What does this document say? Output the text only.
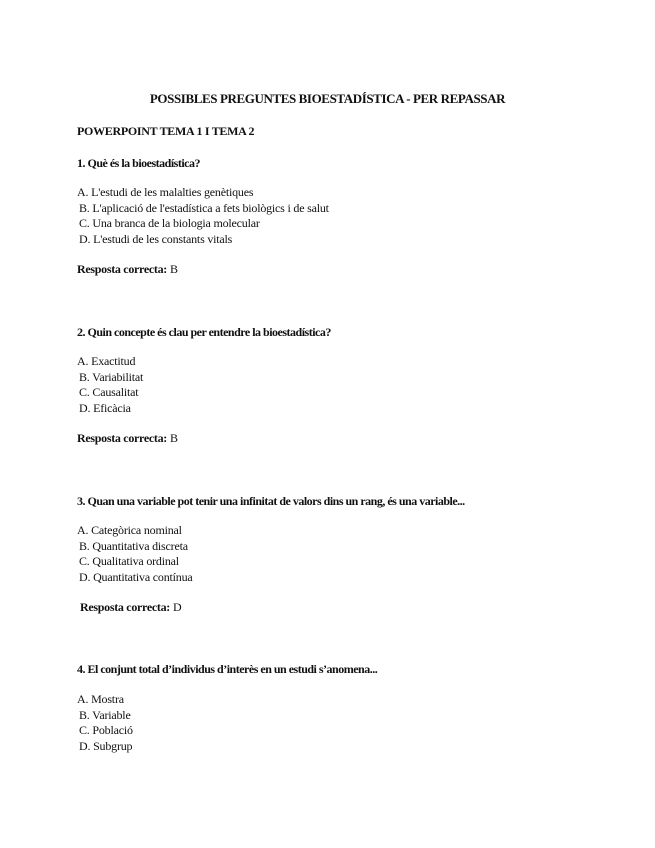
POSSIBLES PREGUNTES BIOESTADÍSTICA - PER REPASSAR
POWERPOINT TEMA 1 I TEMA 2
1. Què és la bioestadística?
A. L'estudi de les malalties genètiques
B. L'aplicació de l'estadística a fets biològics i de salut
C. Una branca de la biologia molecular
D. L'estudi de les constants vitals
Resposta correcta: B
2. Quin concepte és clau per entendre la bioestadística?
A. Exactitud
B. Variabilitat
C. Causalitat
D. Eficàcia
Resposta correcta: B
3. Quan una variable pot tenir una infinitat de valors dins un rang, és una variable...
A. Categòrica nominal
B. Quantitativa discreta
C. Qualitativa ordinal
D. Quantitativa contínua
Resposta correcta: D
4. El conjunt total d’individus d’interès en un estudi s’anomena...
A. Mostra
B. Variable
C. Població
D. Subgrup
